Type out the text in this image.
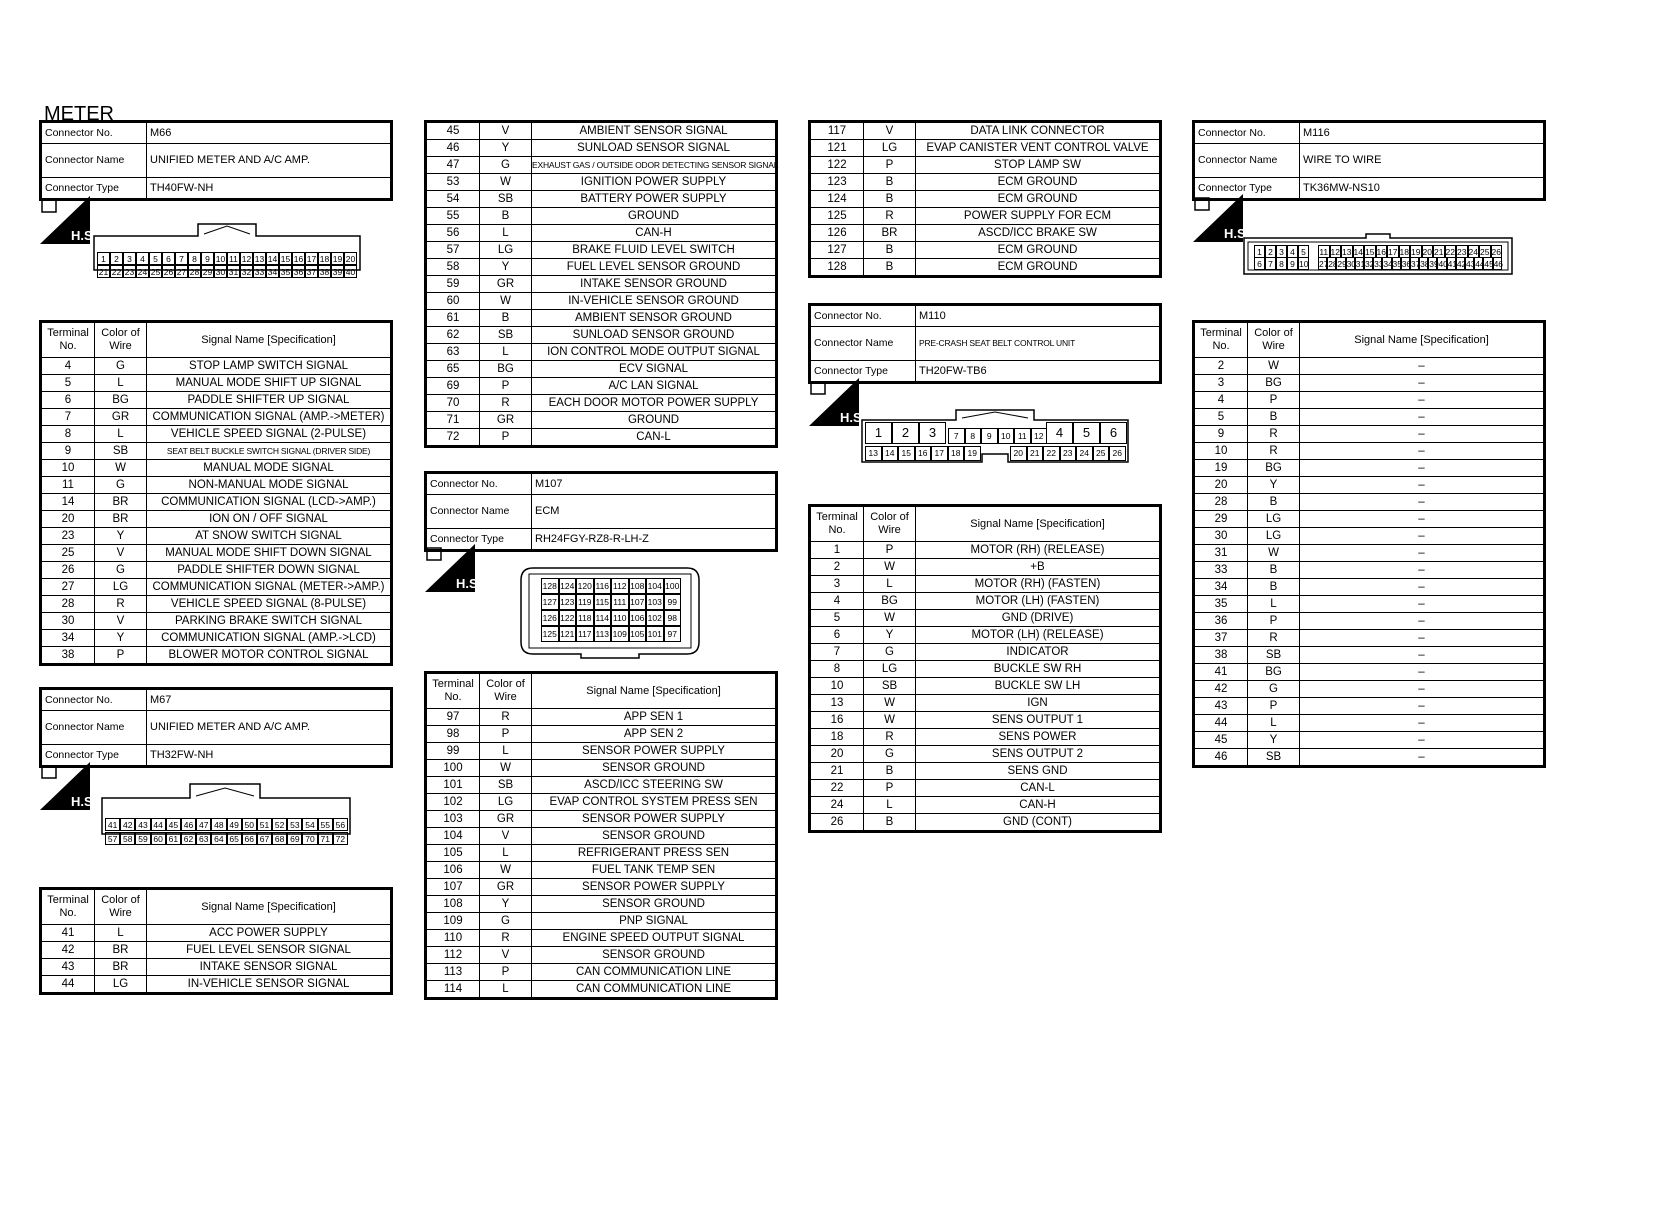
METER
Connector No.	M66
Connector Name	UNIFIED METER AND A/C AMP.
Connector Type	TH40FW-NH
H.S.
1 2 3 4 5 6 7 8 9 10 11 12 13 14 15 16 17 18 19 20
21 22 23 24 25 26 27 28 29 30 31 32 33 34 35 36 37 38 39 40
Terminal No.	Color of Wire	Signal Name [Specification]
4	G	STOP LAMP SWITCH SIGNAL
5	L	MANUAL MODE SHIFT UP SIGNAL
6	BG	PADDLE SHIFTER UP SIGNAL
7	GR	COMMUNICATION SIGNAL (AMP.->METER)
8	L	VEHICLE SPEED SIGNAL (2-PULSE)
9	SB	SEAT BELT BUCKLE SWITCH SIGNAL (DRIVER SIDE)
10	W	MANUAL MODE SIGNAL
11	G	NON-MANUAL MODE SIGNAL
14	BR	COMMUNICATION SIGNAL (LCD->AMP.)
20	BR	ION ON / OFF SIGNAL
23	Y	AT SNOW SWITCH SIGNAL
25	V	MANUAL MODE SHIFT DOWN SIGNAL
26	G	PADDLE SHIFTER DOWN SIGNAL
27	LG	COMMUNICATION SIGNAL (METER->AMP.)
28	R	VEHICLE SPEED SIGNAL (8-PULSE)
30	V	PARKING BRAKE SWITCH SIGNAL
34	Y	COMMUNICATION SIGNAL (AMP.->LCD)
38	P	BLOWER MOTOR CONTROL SIGNAL
Connector No.	M67
Connector Name	UNIFIED METER AND A/C AMP.
Connector Type	TH32FW-NH
H.S.
41 42 43 44 45 46 47 48 49 50 51 52 53 54 55 56
57 58 59 60 61 62 63 64 65 66 67 68 69 70 71 72
Terminal No.	Color of Wire	Signal Name [Specification]
41	L	ACC POWER SUPPLY
42	BR	FUEL LEVEL SENSOR SIGNAL
43	BR	INTAKE SENSOR SIGNAL
44	LG	IN-VEHICLE SENSOR SIGNAL
45	V	AMBIENT SENSOR SIGNAL
46	Y	SUNLOAD SENSOR SIGNAL
47	G	EXHAUST GAS / OUTSIDE ODOR DETECTING SENSOR SIGNAL
53	W	IGNITION POWER SUPPLY
54	SB	BATTERY POWER SUPPLY
55	B	GROUND
56	L	CAN-H
57	LG	BRAKE FLUID LEVEL SWITCH
58	Y	FUEL LEVEL SENSOR GROUND
59	GR	INTAKE SENSOR GROUND
60	W	IN-VEHICLE SENSOR GROUND
61	B	AMBIENT SENSOR GROUND
62	SB	SUNLOAD SENSOR GROUND
63	L	ION CONTROL MODE OUTPUT SIGNAL
65	BG	ECV SIGNAL
69	P	A/C LAN SIGNAL
70	R	EACH DOOR MOTOR POWER SUPPLY
71	GR	GROUND
72	P	CAN-L
Connector No.	M107
Connector Name	ECM
Connector Type	RH24FGY-RZ8-R-LH-Z
H.S.	128 124 120 116 112 108 104 100
127 123 119 115 111 107 103 99
126 122 118 114 110 106 102 98
125 121 117 113 109 105 101 97
Terminal No.	Color of Wire	Signal Name [Specification]
97	R	APP SEN 1
98	P	APP SEN 2
99	L	SENSOR POWER SUPPLY
100	W	SENSOR GROUND
101	SB	ASCD/ICC STEERING SW
102	LG	EVAP CONTROL SYSTEM PRESS SEN
103	GR	SENSOR POWER SUPPLY
104	V	SENSOR GROUND
105	L	REFRIGERANT PRESS SEN
106	W	FUEL TANK TEMP SEN
107	GR	SENSOR POWER SUPPLY
108	Y	SENSOR GROUND
109	G	PNP SIGNAL
110	R	ENGINE SPEED OUTPUT SIGNAL
112	V	SENSOR GROUND
113	P	CAN COMMUNICATION LINE
114	L	CAN COMMUNICATION LINE
117	V	DATA LINK CONNECTOR
121	LG	EVAP CANISTER VENT CONTROL VALVE
122	P	STOP LAMP SW
123	B	ECM GROUND
124	B	ECM GROUND
125	R	POWER SUPPLY FOR ECM
126	BR	ASCD/ICC BRAKE SW
127	B	ECM GROUND
128	B	ECM GROUND
Connector No.	M110
Connector Name	PRE-CRASH SEAT BELT CONTROL UNIT
Connector Type	TH20FW-TB6
H.S.
1	2	3	7	8	9	10 11 12 4	5	6
13 14 15 16 17 18 19	20 21 22 23 24 25 26
Terminal No.	Color of Wire	Signal Name [Specification]
1	P	MOTOR (RH) (RELEASE)
2	W	+B
3	L	MOTOR (RH) (FASTEN)
4	BG	MOTOR (LH) (FASTEN)
5	W	GND (DRIVE)
6	Y	MOTOR (LH) (RELEASE)
7	G	INDICATOR
8	LG	BUCKLE SW RH
10	SB	BUCKLE SW LH
13	W	IGN
16	W	SENS OUTPUT 1
18	R	SENS POWER
20	G	SENS OUTPUT 2
21	B	SENS GND
22	P	CAN-L
24	L	CAN-H
26	B	GND (CONT)
Connector No.	M116
Connector Name	WIRE TO WIRE
Connector Type	TK36MW-NS10
H.S.
1 2 3 4 5
6 7 8 9 10
11 12 13 14 15 16 17 18 19 20 21 22 23 24 25 26
27 28 29 30 31 32 33 34 35 36 37 38 39 40 41 42 43 44 45 46
Terminal No.	Color of Wire	Signal Name [Specification]
2	W	–
3	BG	–
4	P	–
5	B	–
9	R	–
10	R	–
19	BG	–
20	Y	–
28	B	–
29	LG	–
30	LG	–
31	W	–
33	B	–
34	B	–
35	L	–
36	P	–
37	R	–
38	SB	–
41	BG	–
42	G	–
43	P	–
44	L	–
45	Y	–
46	SB	–
